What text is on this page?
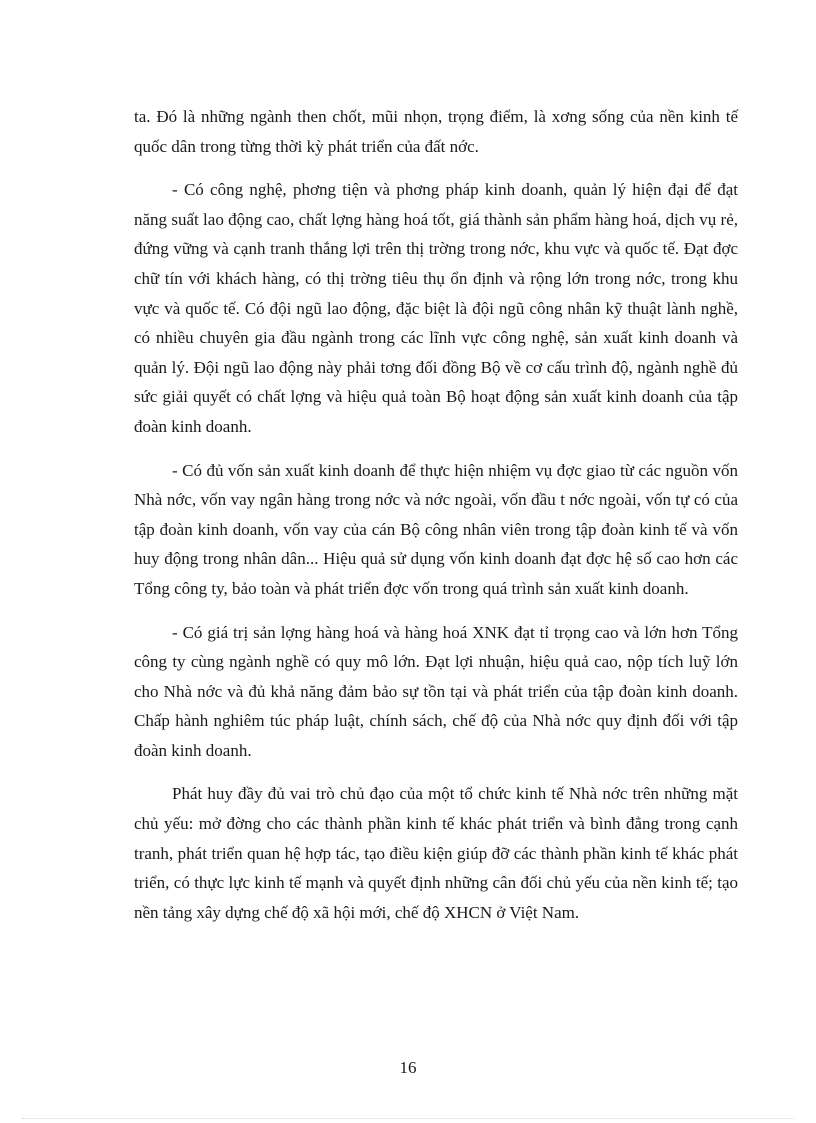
ta. Đó là những ngành then chốt, mũi nhọn, trọng điểm, là xơng sống của nền kinh tế quốc dân trong từng thời kỳ phát triển của đất nớc.

- Có công nghệ, phơng tiện và phơng pháp kinh doanh, quản lý hiện đại để đạt năng suất lao động cao, chất lợng hàng hoá tốt, giá thành sản phẩm hàng hoá, dịch vụ rẻ, đứng vững và cạnh tranh thắng lợi trên thị trờng trong nớc, khu vực và quốc tế. Đạt đợc chữ tín với khách hàng, có thị trờng tiêu thụ ổn định và rộng lớn trong nớc, trong khu vực và quốc tế. Có đội ngũ lao động, đặc biệt là đội ngũ công nhân kỹ thuật lành nghề, có nhiều chuyên gia đầu ngành trong các lĩnh vực công nghệ, sản xuất kinh doanh và quản lý. Đội ngũ lao động này phải tơng đối đồng Bộ về cơ cấu trình độ, ngành nghề đủ sức giải quyết có chất lợng và hiệu quả toàn Bộ hoạt động sản xuất kinh doanh của tập đoàn kinh doanh.

- Có đủ vốn sản xuất kinh doanh để thực hiện nhiệm vụ đợc giao từ các nguồn vốn Nhà nớc, vốn vay ngân hàng trong nớc và nớc ngoài, vốn đầu t nớc ngoài, vốn tự có của tập đoàn kinh doanh, vốn vay của cán Bộ công nhân viên trong tập đoàn kinh tế và vốn huy động trong nhân dân... Hiệu quả sử dụng vốn kinh doanh đạt đợc hệ số cao hơn các Tổng công ty, bảo toàn và phát triển đợc vốn trong quá trình sản xuất kinh doanh.

- Có giá trị sản lợng hàng hoá và hàng hoá XNK đạt tỉ trọng cao và lớn hơn Tổng công ty cùng ngành nghề có quy mô lớn. Đạt lợi nhuận, hiệu quả cao, nộp tích luỹ lớn cho Nhà nớc và đủ khả năng đảm bảo sự tồn tại và phát triển của tập đoàn kinh doanh. Chấp hành nghiêm túc pháp luật, chính sách, chế độ của Nhà nớc quy định đối với tập đoàn kinh doanh.

Phát huy đầy đủ vai trò chủ đạo của một tổ chức kinh tế Nhà nớc trên những mặt chủ yếu: mở đờng cho các thành phần kinh tế khác phát triển và bình đẳng trong cạnh tranh, phát triển quan hệ hợp tác, tạo điều kiện giúp đỡ các thành phần kinh tế khác phát triển, có thực lực kinh tế mạnh và quyết định những cân đối chủ yếu của nền kinh tế; tạo nền tảng xây dựng chế độ xã hội mới, chế độ XHCN ở Việt Nam.

16
